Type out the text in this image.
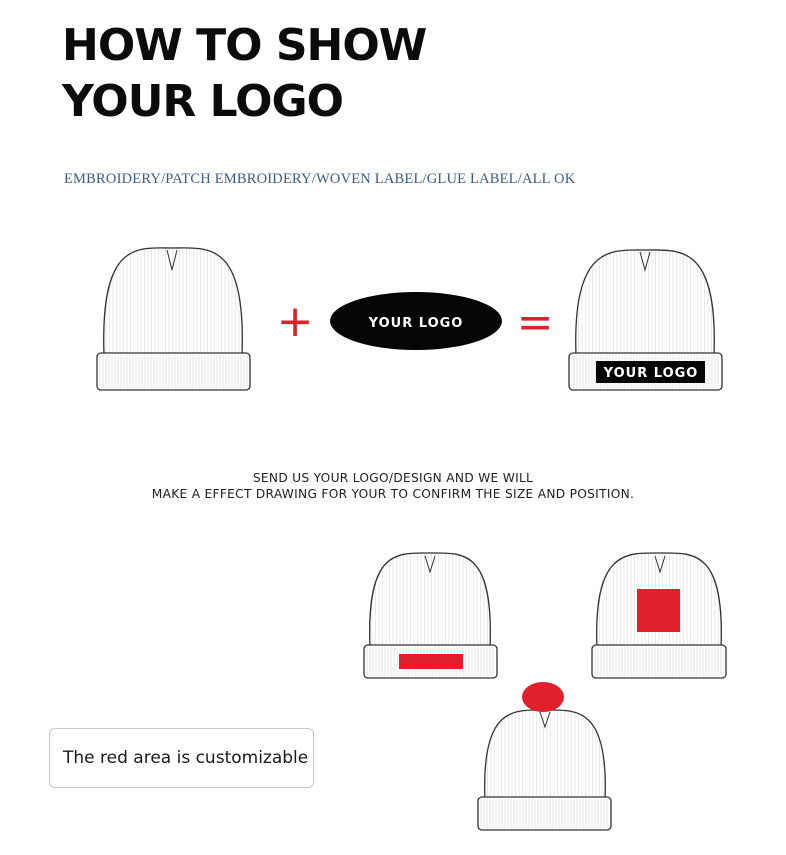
HOW TO SHOW
YOUR LOGO
EMBROIDERY/PATCH EMBROIDERY/WOVEN LABEL/GLUE LABEL/ALL OK
+	YOUR LOGO =
YOUR LOGO
SEND US YOUR LOGO/DESIGN AND WE WILL
MAKE A EFFECT DRAWING FOR YOUR TO CONFIRM THE SIZE AND POSITION.
The red area is customizable
